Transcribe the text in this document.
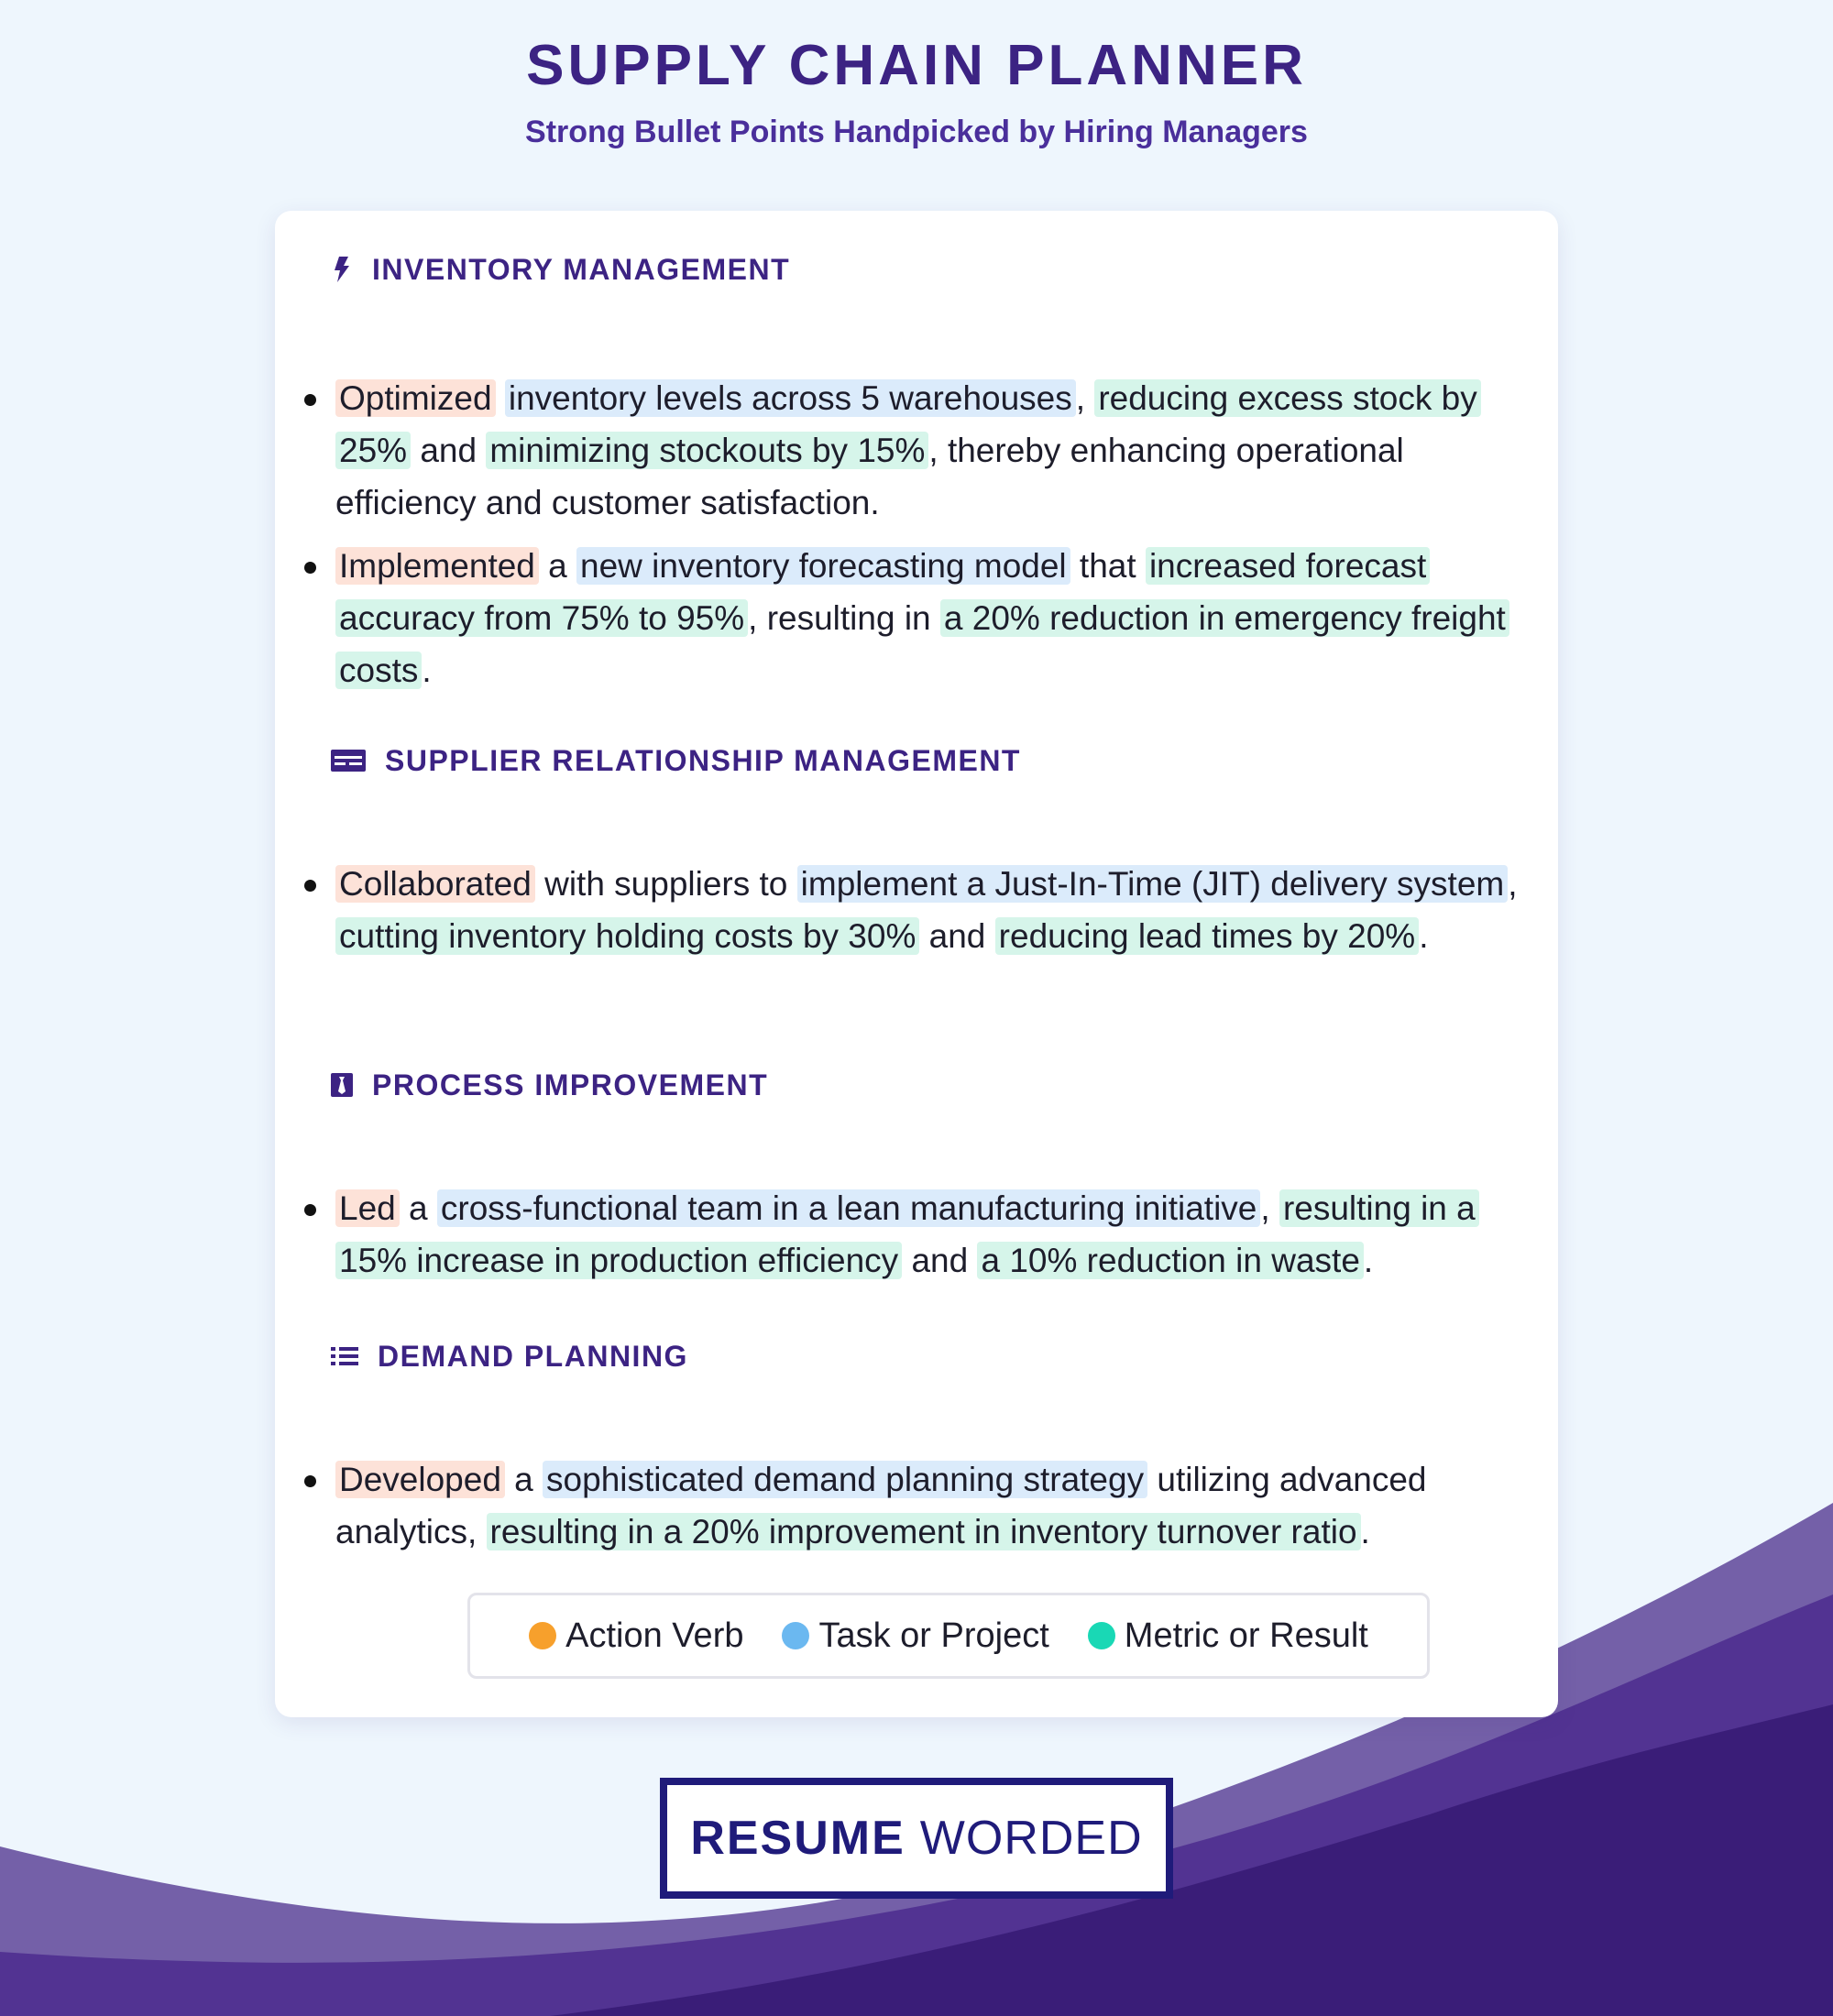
SUPPLY CHAIN PLANNER
Strong Bullet Points Handpicked by Hiring Managers
INVENTORY MANAGEMENT
Optimized inventory levels across 5 warehouses , reducing excess stock by 25% and minimizing stockouts by 15% , thereby enhancing operational efficiency and customer satisfaction.
Implemented a new inventory forecasting model that increased forecast accuracy from 75% to 95% , resulting in a 20% reduction in emergency freight costs .
SUPPLIER RELATIONSHIP MANAGEMENT
Collaborated with suppliers to implement a Just-In-Time (JIT) delivery system , cutting inventory holding costs by 30% and reducing lead times by 20% .
PROCESS IMPROVEMENT
Led a cross-functional team in a lean manufacturing initiative , resulting in a 15% increase in production efficiency and a 10% reduction in waste .
DEMAND PLANNING
Developed a sophisticated demand planning strategy utilizing advanced analytics, resulting in a 20% improvement in inventory turnover ratio .
Action Verb Task or Project Metric or Result
RESUME WORDED
